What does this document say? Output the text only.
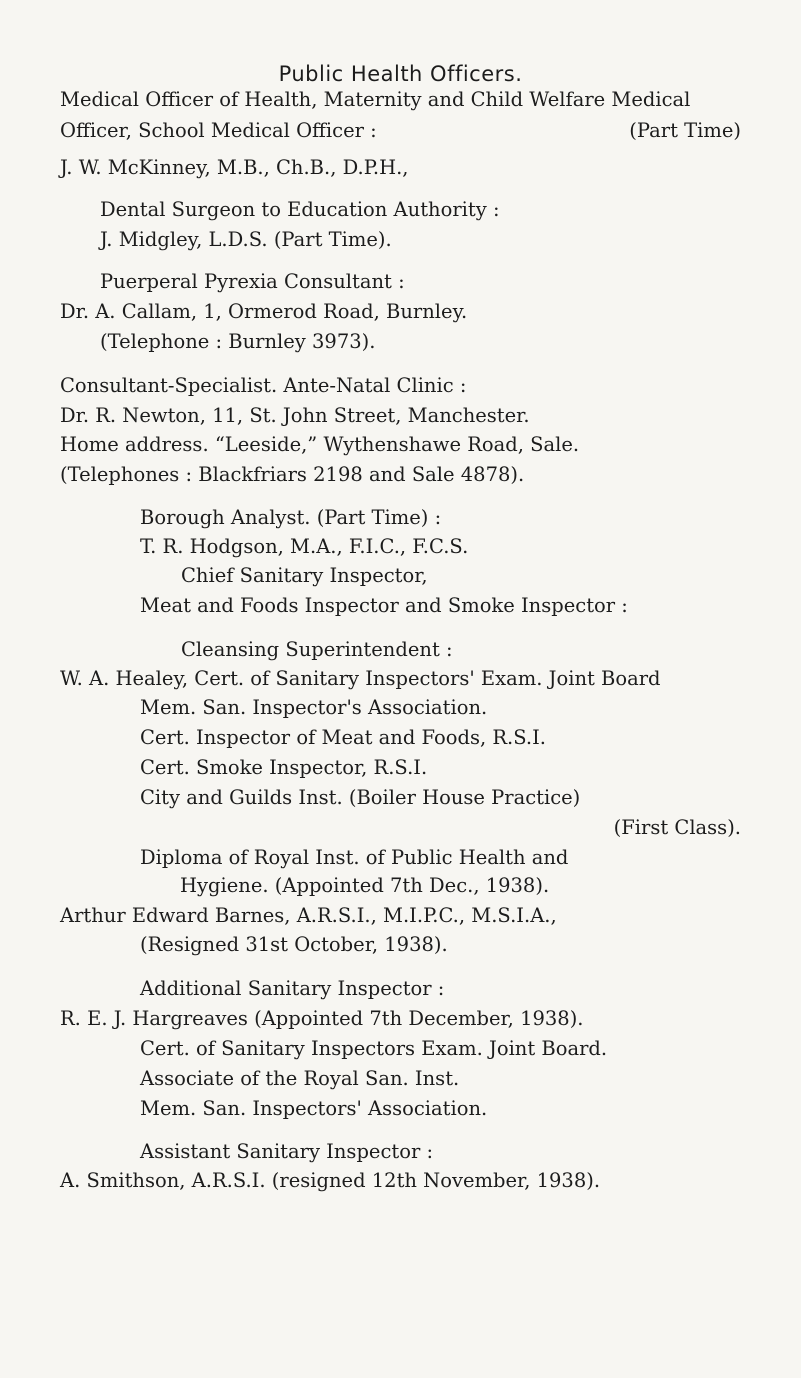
Public Health Officers.
Medical Officer of Health, Maternity and Child Welfare Medical
Officer, School Medical Officer :	(Part Time)
J. W. McKinney, M.B., Ch.B., D.P.H.,
Dental Surgeon to Education Authority :
J. Midgley, L.D.S. (Part Time).
Puerperal Pyrexia Consultant :
Dr. A. Callam, 1, Ormerod Road, Burnley.
(Telephone : Burnley 3973).
Consultant-Specialist. Ante-Natal Clinic :
Dr. R. Newton, 11, St. John Street, Manchester.
Home address. “Leeside,” Wythenshawe Road, Sale.
(Telephones : Blackfriars 2198 and Sale 4878).
Borough Analyst. (Part Time) :
T. R. Hodgson, M.A., F.I.C., F.C.S.
Chief Sanitary Inspector,
Meat and Foods Inspector and Smoke Inspector :
Cleansing Superintendent :
W. A. Healey, Cert. of Sanitary Inspectors' Exam. Joint Board
Mem. San. Inspector's Association.
Cert. Inspector of Meat and Foods, R.S.I.
Cert. Smoke Inspector, R.S.I.
City and Guilds Inst. (Boiler House Practice)
(First Class).
Diploma of Royal Inst. of Public Health and
Hygiene. (Appointed 7th Dec., 1938).
Arthur Edward Barnes, A.R.S.I., M.I.P.C., M.S.I.A.,
(Resigned 31st October, 1938).
Additional Sanitary Inspector :
R. E. J. Hargreaves (Appointed 7th December, 1938).
Cert. of Sanitary Inspectors Exam. Joint Board.
Associate of the Royal San. Inst.
Mem. San. Inspectors' Association.
Assistant Sanitary Inspector :
A. Smithson, A.R.S.I. (resigned 12th November, 1938).
